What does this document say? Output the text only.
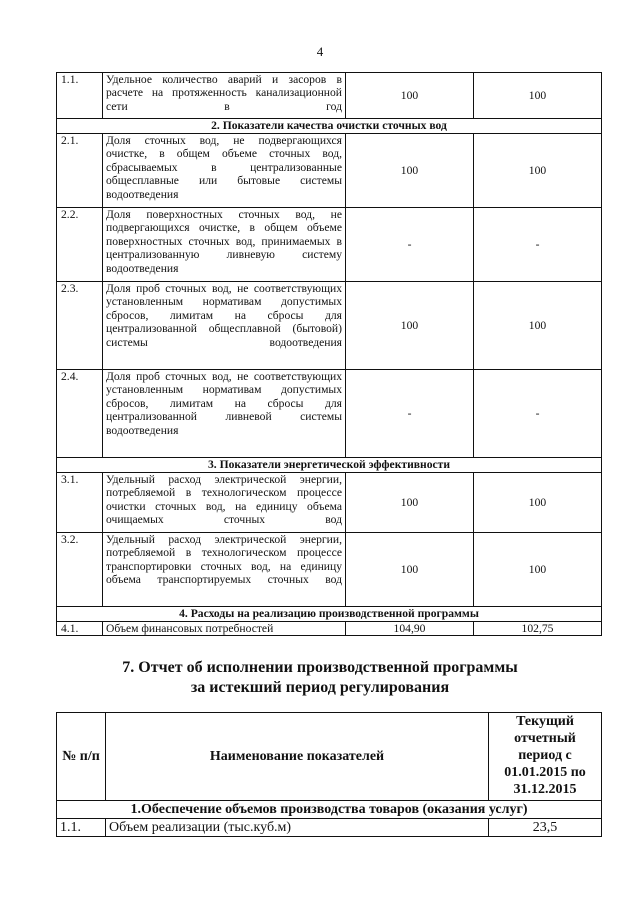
4
1.1.	Удельное количество аварий и засоров в расчете на протяженность канализационной сети в год	100	100
2. Показатели качества очистки сточных вод			
2.1.	Доля сточных вод, не подвергающихся очистке, в общем объеме сточных вод, сбрасываемых в централизованные общесплавные или бытовые системы водоотведения	100	100
2.2.	Доля поверхностных сточных вод, не подвергающихся очистке, в общем объеме поверхностных сточных вод, принимаемых в централизованную ливневую систему водоотведения	-	-
2.3.	Доля проб сточных вод, не соответствующих установленным нормативам допустимых сбросов, лимитам на сбросы для централизованной общесплавной (бытовой) системы водоотведения	100	100
2.4.	Доля проб сточных вод, не соответствующих установленным нормативам допустимых сбросов, лимитам на сбросы для централизованной ливневой системы водоотведения	-	-
3. Показатели энергетической эффективности			
3.1.	Удельный расход электрической энергии, потребляемой в технологическом процессе очистки сточных вод, на единицу объема очищаемых сточных вод	100	100
3.2.	Удельный расход электрической энергии, потребляемой в технологическом процессе транспортировки сточных вод, на единицу объема транспортируемых сточных вод	100	100
4. Расходы на реализацию производственной программы			
4.1.	Объем финансовых потребностей	104,90	102,75
7. Отчет об исполнении производственной программы
за истекший период регулирования
№ п/п	Наименование показателей	Текущий отчетный период с 01.01.2015 по 31.12.2015
1.Обеспечение объемов производства товаров (оказания услуг)		
1.1.	Объем реализации (тыс.куб.м)	23,5
